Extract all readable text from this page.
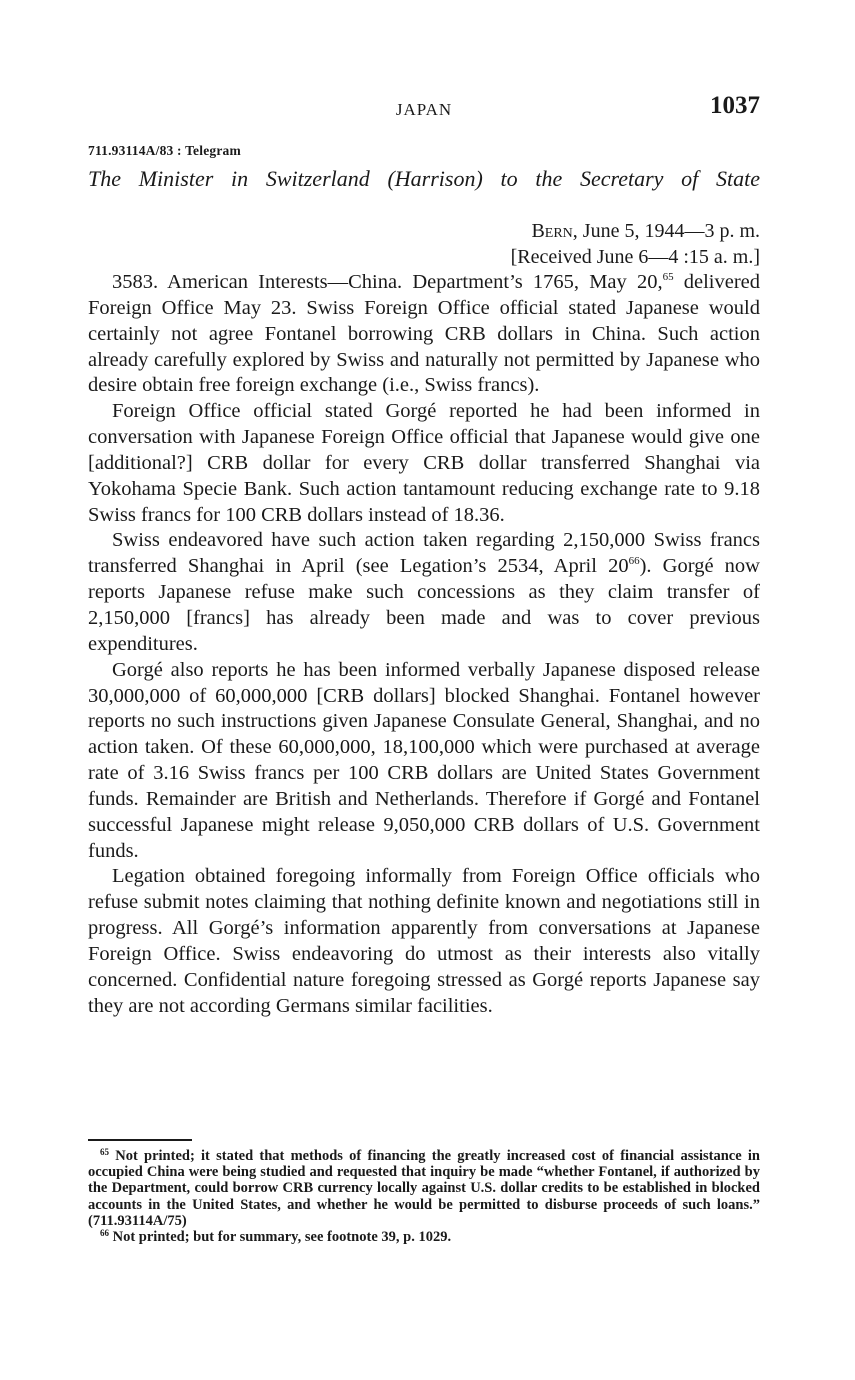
JAPAN	1037
711.93114A/83 : Telegram
The Minister in Switzerland (Harrison) to the Secretary of State
Bern, June 5, 1944—3 p. m.
[Received June 6—4 :15 a. m.]

3583. American Interests—China. Department’s 1765, May 20,65 delivered Foreign Office May 23. Swiss Foreign Office official stated Japanese would certainly not agree Fontanel borrowing CRB dollars in China. Such action already carefully explored by Swiss and naturally not permitted by Japanese who desire obtain free foreign exchange (i.e., Swiss francs).

Foreign Office official stated Gorgé reported he had been informed in conversation with Japanese Foreign Office official that Japanese would give one [additional?] CRB dollar for every CRB dollar transferred Shanghai via Yokohama Specie Bank. Such action tantamount reducing exchange rate to 9.18 Swiss francs for 100 CRB dollars instead of 18.36.

Swiss endeavored have such action taken regarding 2,150,000 Swiss francs transferred Shanghai in April (see Legation’s 2534, April $20^{66}$). Gorgé now reports Japanese refuse make such concessions as they claim transfer of 2,150,000 [francs] has already been made and was to cover previous expenditures.

Gorgé also reports he has been informed verbally Japanese disposed release 30,000,000 of 60,000,000 [CRB dollars] blocked Shanghai. Fontanel however reports no such instructions given Japanese Consulate General, Shanghai, and no action taken. Of these 60,000,000, 18,100,000 which were purchased at average rate of 3.16 Swiss francs per 100 CRB dollars are United States Government funds. Remainder are British and Netherlands. Therefore if Gorgé and Fontanel successful Japanese might release 9,050,000 CRB dollars of U.S. Government funds.

Legation obtained foregoing informally from Foreign Office officials who refuse submit notes claiming that nothing definite known and negotiations still in progress. All Gorgé’s information apparently from conversations at Japanese Foreign Office. Swiss endeavoring do utmost as their interests also vitally concerned. Confidential nature foregoing stressed as Gorgé reports Japanese say they are not according Germans similar facilities.

$^{65}$ Not printed; it stated that methods of financing the greatly increased cost of financial assistance in occupied China were being studied and requested that inquiry be made “whether Fontanel, if authorized by the Department, could borrow CRB currency locally against U.S. dollar credits to be established in blocked accounts in the United States, and whether he would be permitted to disburse proceeds of such loans.” (711.93114A/75)

$^{66}$ Not printed; but for summary, see footnote 39, p. 1029.
